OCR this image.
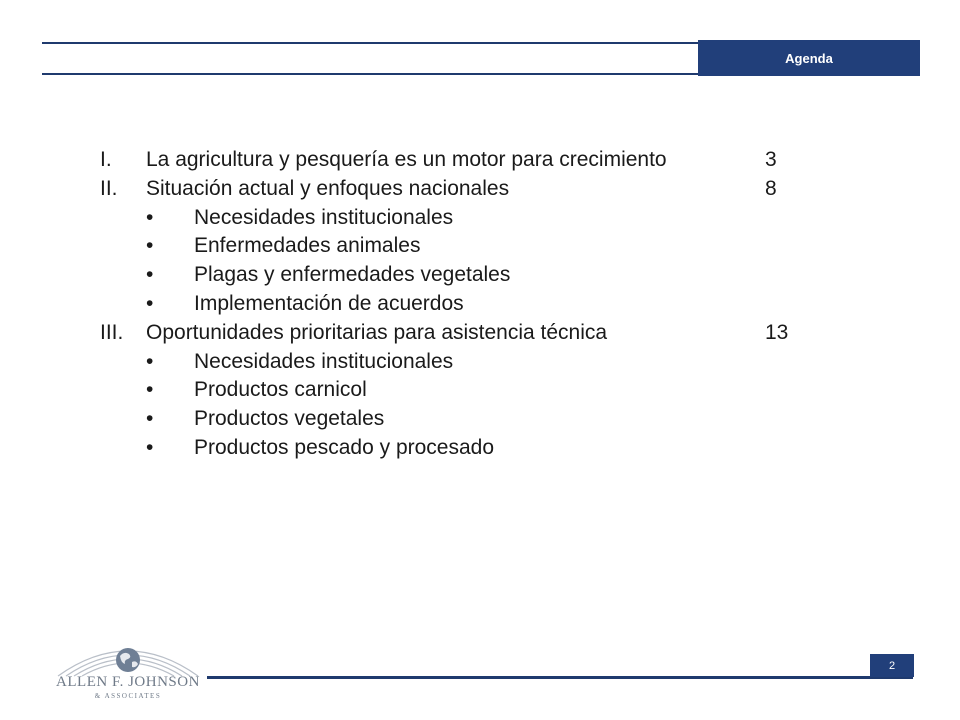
Agenda
I. La agricultura y pesquería es un motor para crecimiento	3
II. Situación actual y enfoques nacionales	8
• Necesidades institucionales
• Enfermedades animales
• Plagas y enfermedades vegetales
• Implementación de acuerdos
III. Oportunidades prioritarias para asistencia técnica	13
• Necesidades institucionales
• Productos carnicol
• Productos vegetales
• Productos pescado y procesado
ALLEN F. JOHNSON
& ASSOCIATES
2
